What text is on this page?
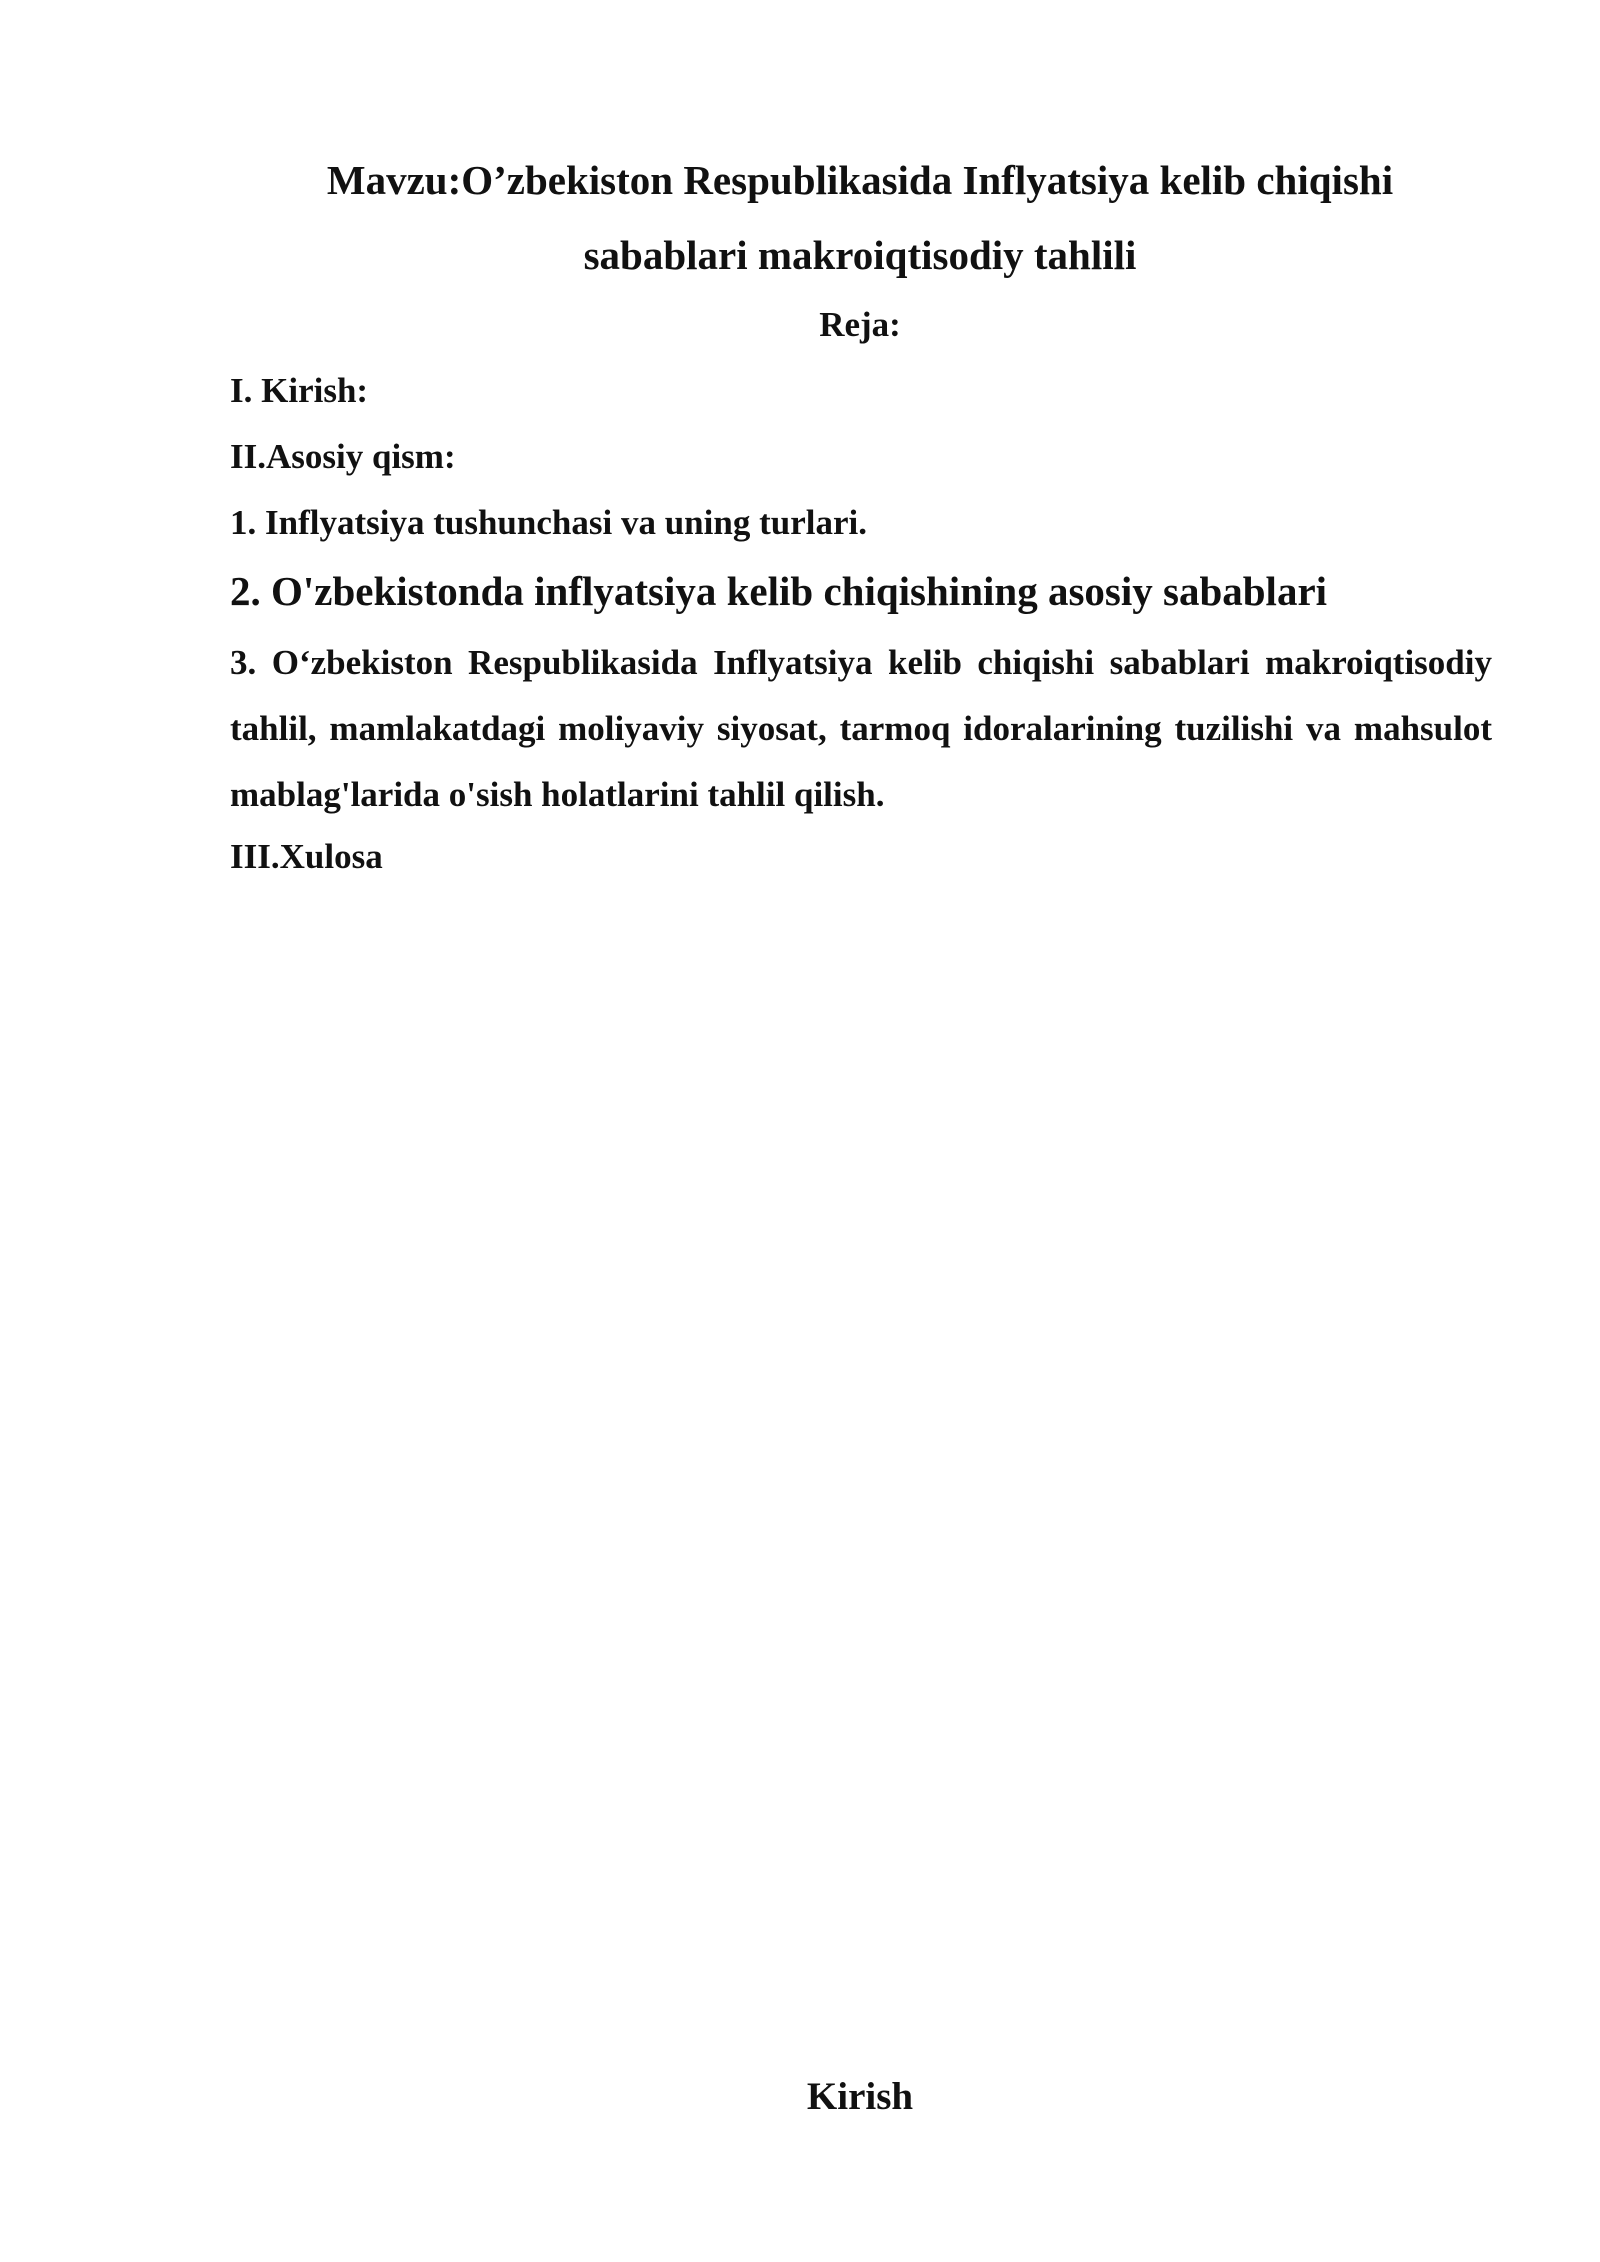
Mavzu:O’zbekiston Respublikasida Inflyatsiya kelib chiqishi
sabablari makroiqtisodiy tahlili
Reja:

I. Kirish:

II.Asosiy qism:

1. Inflyatsiya tushunchasi va uning turlari.

2. O'zbekistonda inflyatsiya kelib chiqishining asosiy sabablari

3. O‘zbekiston Respublikasida Inflyatsiya kelib chiqishi sabablari makroiqtisodiy tahlil, mamlakatdagi moliyaviy siyosat, tarmoq idoralarining tuzilishi va mahsulot mablag'larida o'sish holatlarini tahlil qilish.

III.Xulosa

Kirish
